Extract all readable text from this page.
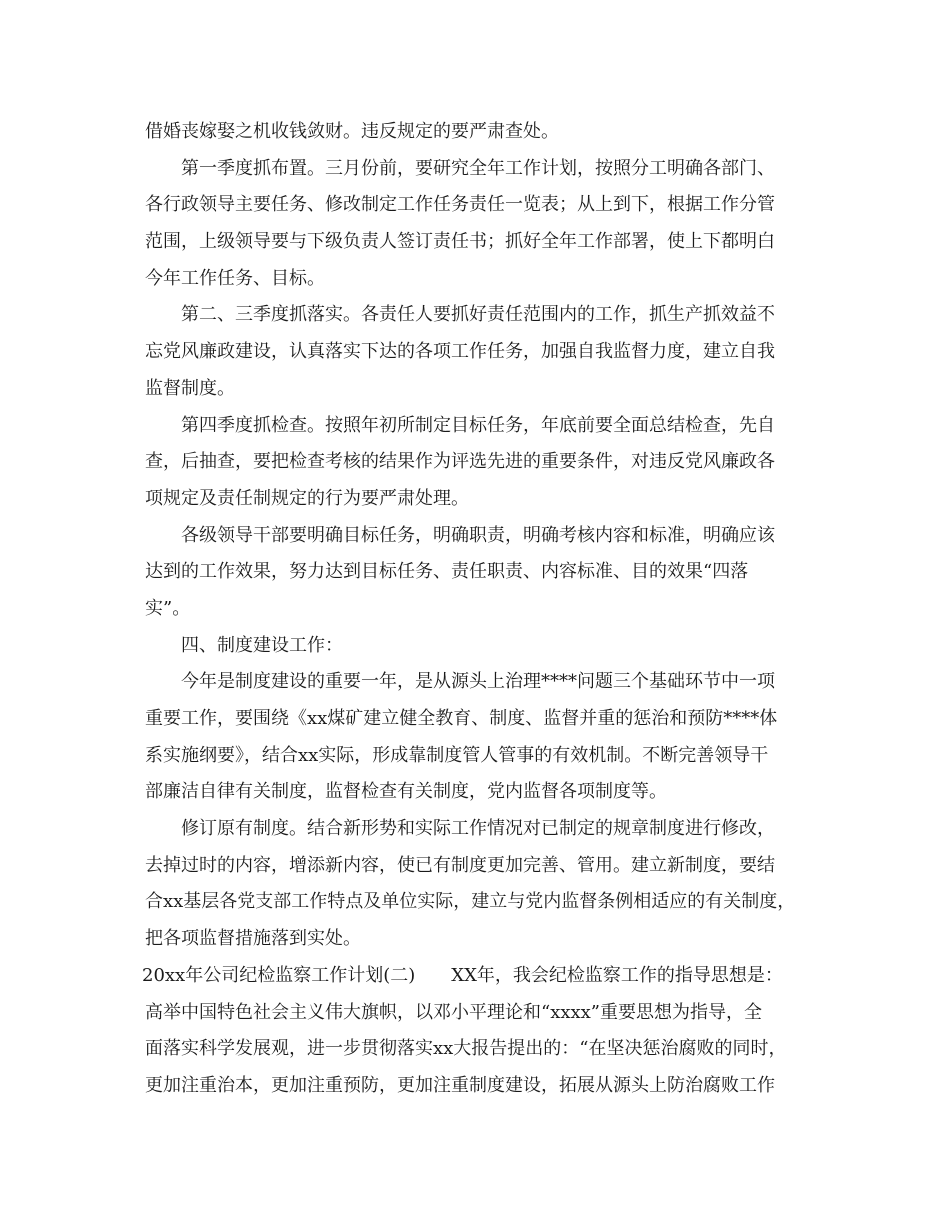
借婚丧嫁娶之机收钱敛财。违反规定的要严肃查处。
第一季度抓布置。三月份前，要研究全年工作计划，按照分工明确各部门、
各行政领导主要任务、修改制定工作任务责任一览表；从上到下，根据工作分管
范围，上级领导要与下级负责人签订责任书；抓好全年工作部署，使上下都明白
今年工作任务、目标。
第二、三季度抓落实。各责任人要抓好责任范围内的工作，抓生产抓效益不
忘党风廉政建设，认真落实下达的各项工作任务，加强自我监督力度，建立自我
监督制度。
第四季度抓检查。按照年初所制定目标任务，年底前要全面总结检查，先自
查，后抽查，要把检查考核的结果作为评选先进的重要条件，对违反党风廉政各
项规定及责任制规定的行为要严肃处理。
各级领导干部要明确目标任务，明确职责，明确考核内容和标准，明确应该
达到的工作效果，努力达到目标任务、责任职责、内容标准、目的效果“四落
实”。
四、制度建设工作：
今年是制度建设的重要一年，是从源头上治理****问题三个基础环节中一项
重要工作，要围绕《xx煤矿建立健全教育、制度、监督并重的惩治和预防****体
系实施纲要》，结合xx实际，形成靠制度管人管事的有效机制。不断完善领导干
部廉洁自律有关制度，监督检查有关制度，党内监督各项制度等。
修订原有制度。结合新形势和实际工作情况对已制定的规章制度进行修改，
去掉过时的内容，增添新内容，使已有制度更加完善、管用。建立新制度，要结
合xx基层各党支部工作特点及单位实际，建立与党内监督条例相适应的有关制度，
把各项监督措施落到实处。
20xx年公司纪检监察工作计划(二)　　XX年，我会纪检监察工作的指导思想是：
高举中国特色社会主义伟大旗帜，以邓小平理论和“xxxx”重要思想为指导，全
面落实科学发展观，进一步贯彻落实xx大报告提出的：“在坚决惩治腐败的同时，
更加注重治本，更加注重预防，更加注重制度建设，拓展从源头上防治腐败工作
